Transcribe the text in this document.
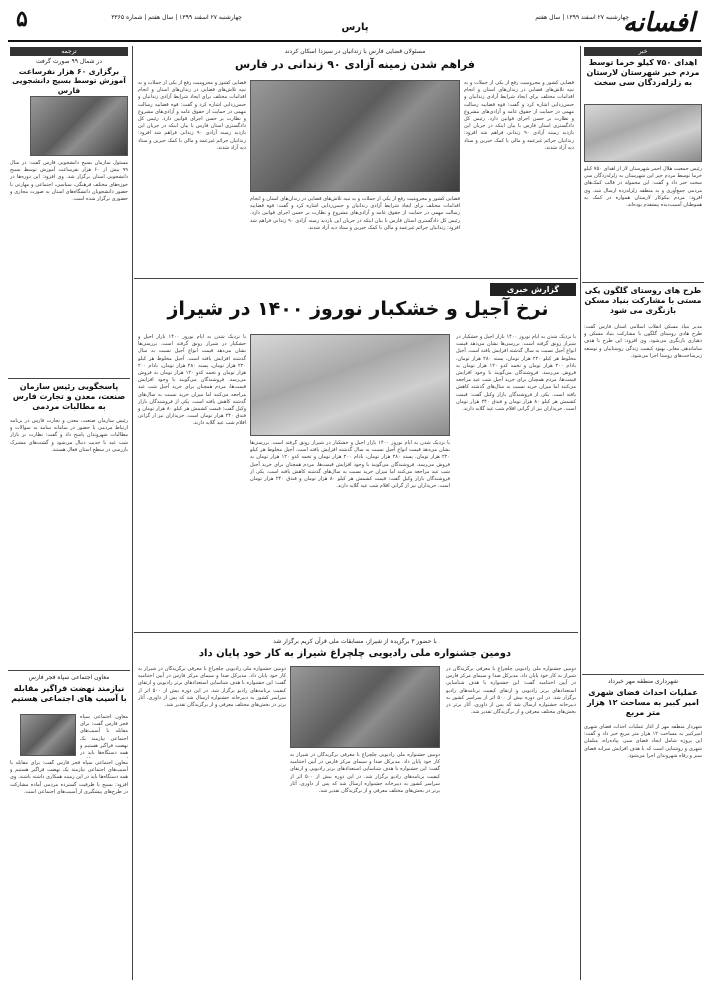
افسانه
پارس
۵	چهارشنبه ۲۷ اسفند ۱۳۹۹ | سال هفتم | شماره ۳۳۶۵	چهارشنبه ۲۷ اسفند ۱۳۹۹ | سال هفتم
مسئولان قضایی فارس با زندانیان در سیزدا اسکان کردند
فراهم شدن زمینه آزادی ۹۰ زندانی در فارس
قضایی کشور و محرومیت رفع از یکی از جملات و به تبیه تلاش‌های قضایی در زندان‌های استان و انجام اقدامات مختلف برای ایجاد شرایط آزادی زندانیان و حبس‌زدایی اشاره کرد و گفت: قوه قضاییه رسالت مهمی در حمایت از حقوق عامه و آزادی‌های مشروع و نظارت بر حسن اجرای قوانین دارد. رئیس کل دادگستری استان فارس با بیان اینکه در جریان این بازدید زمینه آزادی ۹۰ زندانی فراهم شد افزود: زندانیان جرائم غیرعمد و مالی با کمک خیرین و ستاد دیه آزاد شدند.
قضایی کشور و محرومیت رفع از یکی از جملات و به تبیه تلاش‌های قضایی در زندان‌های استان و انجام اقدامات مختلف برای ایجاد شرایط آزادی زندانیان و حبس‌زدایی اشاره کرد و گفت: قوه قضاییه رسالت مهمی در حمایت از حقوق عامه و آزادی‌های مشروع و نظارت بر حسن اجرای قوانین دارد. رئیس کل دادگستری استان فارس با بیان اینکه در جریان این بازدید زمینه آزادی ۹۰ زندانی فراهم شد افزود: زندانیان جرائم غیرعمد و مالی با کمک خیرین و ستاد دیه آزاد شدند.
قضایی کشور و محرومیت رفع از یکی از جملات و به تبیه تلاش‌های قضایی در زندان‌های استان و انجام اقدامات مختلف برای ایجاد شرایط آزادی زندانیان و حبس‌زدایی اشاره کرد و گفت: قوه قضاییه رسالت مهمی در حمایت از حقوق عامه و آزادی‌های مشروع و نظارت بر حسن اجرای قوانین دارد. رئیس کل دادگستری استان فارس با بیان اینکه در جریان این بازدید زمینه آزادی ۹۰ زندانی فراهم شد افزود: زندانیان جرائم غیرعمد و مالی با کمک خیرین و ستاد دیه آزاد شدند.
گزارش خبری
نرخ آجیل و خشکبار نوروز ۱۴۰۰ در شیراز
با نزدیک شدن به ایام نوروز ۱۴۰۰ بازار آجیل و خشکبار در شیراز رونق گرفته است. بررسی‌ها نشان می‌دهد قیمت انواع آجیل نسبت به سال گذشته افزایش یافته است. آجیل مخلوط هر کیلو ۲۲۰ هزار تومان، پسته ۲۸۰ هزار تومان، بادام ۲۰۰ هزار تومان و تخمه کدو ۱۲۰ هزار تومان به فروش می‌رسد. فروشندگان می‌گویند با وجود افزایش قیمت‌ها، مردم همچنان برای خرید آجیل شب عید مراجعه می‌کنند اما میزان خرید نسبت به سال‌های گذشته کاهش یافته است. یکی از فروشندگان بازار وکیل گفت: قیمت کشمش هر کیلو ۸۰ هزار تومان و فندق ۲۴۰ هزار تومان است. خریداران نیز از گرانی اقلام شب عید گلایه دارند.
با نزدیک شدن به ایام نوروز ۱۴۰۰ بازار آجیل و خشکبار در شیراز رونق گرفته است. بررسی‌ها نشان می‌دهد قیمت انواع آجیل نسبت به سال گذشته افزایش یافته است. آجیل مخلوط هر کیلو ۲۲۰ هزار تومان، پسته ۲۸۰ هزار تومان، بادام ۲۰۰ هزار تومان و تخمه کدو ۱۲۰ هزار تومان به فروش می‌رسد. فروشندگان می‌گویند با وجود افزایش قیمت‌ها، مردم همچنان برای خرید آجیل شب عید مراجعه می‌کنند اما میزان خرید نسبت به سال‌های گذشته کاهش یافته است. یکی از فروشندگان بازار وکیل گفت: قیمت کشمش هر کیلو ۸۰ هزار تومان و فندق ۲۴۰ هزار تومان است. خریداران نیز از گرانی اقلام شب عید گلایه دارند.
با نزدیک شدن به ایام نوروز ۱۴۰۰ بازار آجیل و خشکبار در شیراز رونق گرفته است. بررسی‌ها نشان می‌دهد قیمت انواع آجیل نسبت به سال گذشته افزایش یافته است. آجیل مخلوط هر کیلو ۲۲۰ هزار تومان، پسته ۲۸۰ هزار تومان، بادام ۲۰۰ هزار تومان و تخمه کدو ۱۲۰ هزار تومان به فروش می‌رسد. فروشندگان می‌گویند با وجود افزایش قیمت‌ها، مردم همچنان برای خرید آجیل شب عید مراجعه می‌کنند اما میزان خرید نسبت به سال‌های گذشته کاهش یافته است. یکی از فروشندگان بازار وکیل گفت: قیمت کشمش هر کیلو ۸۰ هزار تومان و فندق ۲۴۰ هزار تومان است. خریداران نیز از گرانی اقلام شب عید گلایه دارند.
با حضور ۳ برگزیده از شیراز، مسابقات ملی قرآن کریم برگزار شد
دومین جشنواره ملی رادیویی چلچراغ شیراز به کار خود پایان داد
دومین جشنواره ملی رادیویی چلچراغ با معرفی برگزیدگان در شیراز به کار خود پایان داد. مدیرکل صدا و سیمای مرکز فارس در آیین اختتامیه گفت: این جشنواره با هدف شناسایی استعدادهای برتر رادیویی و ارتقای کیفیت برنامه‌های رادیو برگزار شد. در این دوره بیش از ۵۰۰ اثر از سراسر کشور به دبیرخانه جشنواره ارسال شد که پس از داوری، آثار برتر در بخش‌های مختلف معرفی و از برگزیدگان تقدیر شد.
دومین جشنواره ملی رادیویی چلچراغ با معرفی برگزیدگان در شیراز به کار خود پایان داد. مدیرکل صدا و سیمای مرکز فارس در آیین اختتامیه گفت: این جشنواره با هدف شناسایی استعدادهای برتر رادیویی و ارتقای کیفیت برنامه‌های رادیو برگزار شد. در این دوره بیش از ۵۰۰ اثر از سراسر کشور به دبیرخانه جشنواره ارسال شد که پس از داوری، آثار برتر در بخش‌های مختلف معرفی و از برگزیدگان تقدیر شد.
دومین جشنواره ملی رادیویی چلچراغ با معرفی برگزیدگان در شیراز به کار خود پایان داد. مدیرکل صدا و سیمای مرکز فارس در آیین اختتامیه گفت: این جشنواره با هدف شناسایی استعدادهای برتر رادیویی و ارتقای کیفیت برنامه‌های رادیو برگزار شد. در این دوره بیش از ۵۰۰ اثر از سراسر کشور به دبیرخانه جشنواره ارسال شد که پس از داوری، آثار برتر در بخش‌های مختلف معرفی و از برگزیدگان تقدیر شد.
ترجمه
در شمال ۹۹ صورت گرفت
برگزاری ۶۰ هزار نفرساعت آموزش توسط بسیج دانشجویی فارس
مسئول سازمان بسیج دانشجویی فارس گفت: در سال ۹۹ بیش از ۶۰ هزار نفرساعت آموزش توسط بسیج دانشجویی استان برگزار شد. وی افزود: این دوره‌ها در حوزه‌های مختلف فرهنگی، سیاسی، اجتماعی و مهارتی با حضور دانشجویان دانشگاه‌های استان به صورت مجازی و حضوری برگزار شده است.
پاسخگویی رئیس سازمان صنعت، معدن و تجارت فارس به مطالبات مردمی
رئیس سازمان صنعت، معدن و تجارت فارس در برنامه ارتباط مردمی با حضور در سامانه سامد به سوالات و مطالبات شهروندان پاسخ داد و گفت: نظارت بر بازار شب عید با جدیت دنبال می‌شود و گشت‌های مشترک بازرسی در سطح استان فعال هستند.
معاون اجتماعی سپاه فجر فارس
نیازمند نهضت فراگیر مقابله با آسیب های اجتماعی هستیم
معاون اجتماعی سپاه فجر فارس گفت: برای مقابله با آسیب‌های اجتماعی نیازمند یک نهضت فراگیر هستیم و همه دستگاه‌ها باید در
معاون اجتماعی سپاه فجر فارس گفت: برای مقابله با آسیب‌های اجتماعی نیازمند یک نهضت فراگیر هستیم و همه دستگاه‌ها باید در این زمینه همکاری داشته باشند. وی افزود: بسیج با ظرفیت گسترده مردمی آماده مشارکت در طرح‌های پیشگیری از آسیب‌های اجتماعی است.
خبر
اهدای ۷۵۰ کیلو خرما توسط مردم خیر شهرستان لارستان به زلزله‌زدگان سی سخت
رئیس جمعیت هلال احمر شهرستان لار از اهدای ۷۵۰ کیلو خرما توسط مردم خیر این شهرستان به زلزله‌زدگان سی سخت خبر داد و گفت: این محموله در قالب کمک‌های مردمی جمع‌آوری و به منطقه زلزله‌زده ارسال شد. وی افزود: مردم نیکوکار لارستان همواره در کمک به هموطنان آسیب‌دیده پیشقدم بوده‌اند.
طرح های روستای گلگون یکی مستی با مشارکت بنیاد مسکن بازنگری می شود
مدیر بنیاد مسکن انقلاب اسلامی استان فارس گفت: طرح هادی روستای گلگون با مشارکت بنیاد مسکن و دهیاری بازنگری می‌شود. وی افزود: این طرح با هدف ساماندهی معابر، بهبود کیفیت زندگی روستاییان و توسعه زیرساخت‌های روستا اجرا می‌شود.
شهرداری منطقه مهر خبرداد
عملیات احداث فضای شهری امیر کبیر به مساحت ۱۲ هزار متر مربع
شهردار منطقه مهر از آغاز عملیات احداث فضای شهری امیرکبیر به مساحت ۱۲ هزار متر مربع خبر داد و گفت: این پروژه شامل ایجاد فضای سبز، پیاده‌راه، مبلمان شهری و روشنایی است که با هدف افزایش سرانه فضای سبز و رفاه شهروندان اجرا می‌شود.
